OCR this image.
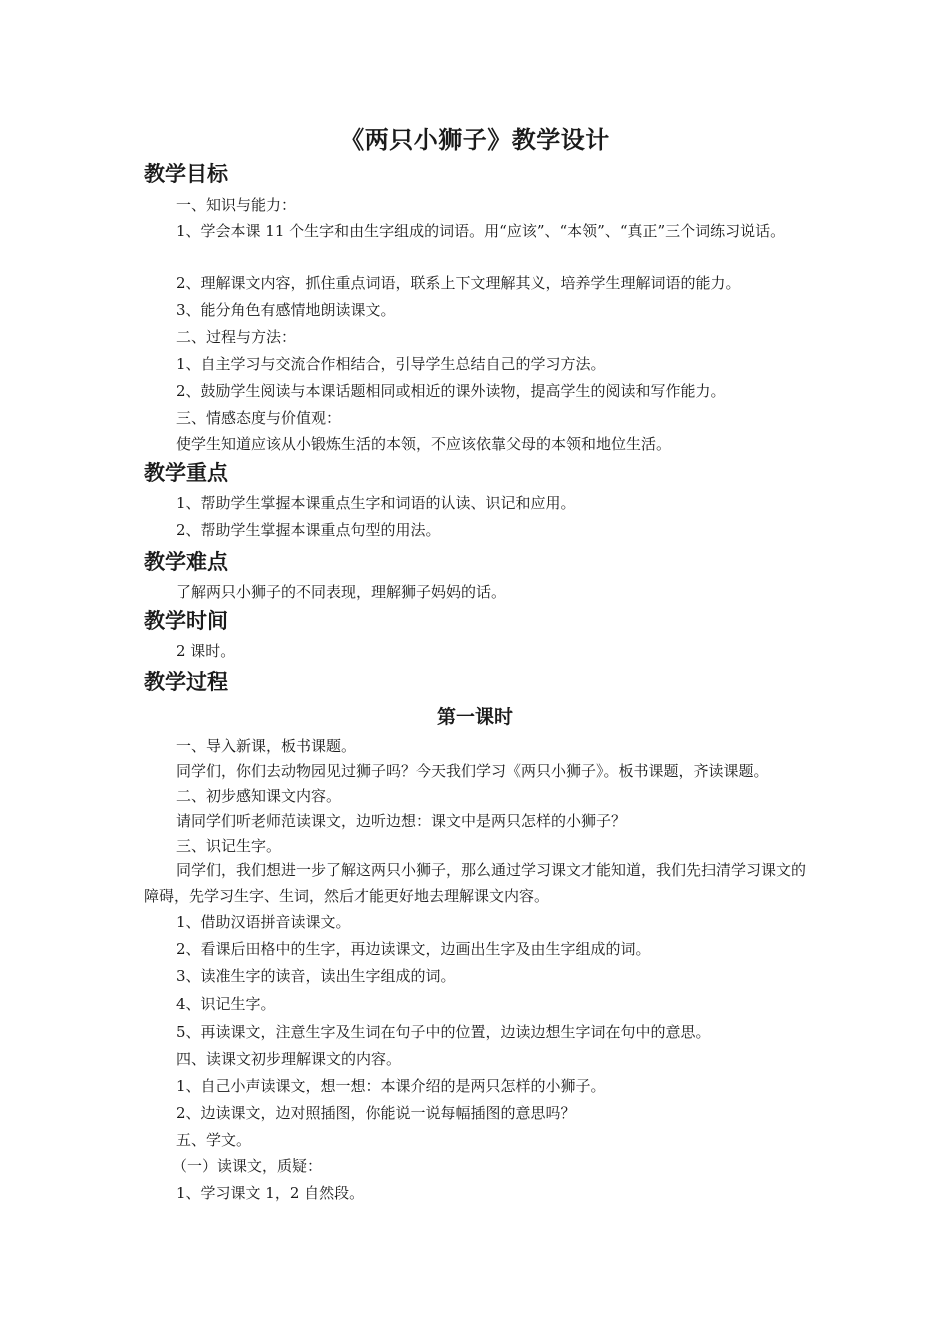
《两只小狮子》教学设计
教学目标
一、知识与能力：
1、学会本课 11 个生字和由生字组成的词语。用“应该”、“本领”、“真正”三个词练习说话。
2、理解课文内容，抓住重点词语，联系上下文理解其义，培养学生理解词语的能力。
3、能分角色有感情地朗读课文。
二、过程与方法：
1、自主学习与交流合作相结合，引导学生总结自己的学习方法。
2、鼓励学生阅读与本课话题相同或相近的课外读物，提高学生的阅读和写作能力。
三、情感态度与价值观：
使学生知道应该从小锻炼生活的本领，不应该依靠父母的本领和地位生活。
教学重点
1、帮助学生掌握本课重点生字和词语的认读、识记和应用。
2、帮助学生掌握本课重点句型的用法。
教学难点
了解两只小狮子的不同表现，理解狮子妈妈的话。
教学时间
2 课时。
教学过程
第一课时
一、导入新课，板书课题。
同学们，你们去动物园见过狮子吗？今天我们学习《两只小狮子》。板书课题，齐读课题。
二、初步感知课文内容。
请同学们听老师范读课文，边听边想：课文中是两只怎样的小狮子？
三、识记生字。
同学们，我们想进一步了解这两只小狮子，那么通过学习课文才能知道，我们先扫清学习课文的障碍，先学习生字、生词，然后才能更好地去理解课文内容。
1、借助汉语拼音读课文。
2、看课后田格中的生字，再边读课文，边画出生字及由生字组成的词。
3、读准生字的读音，读出生字组成的词。
4、识记生字。
5、再读课文，注意生字及生词在句子中的位置，边读边想生字词在句中的意思。
四、读课文初步理解课文的内容。
1、自己小声读课文，想一想：本课介绍的是两只怎样的小狮子。
2、边读课文，边对照插图，你能说一说每幅插图的意思吗？
五、学文。
（一）读课文，质疑：
1、学习课文 1，2 自然段。
